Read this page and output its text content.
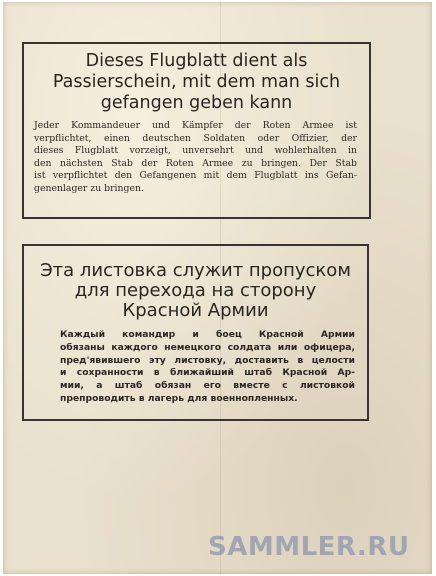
Dieses Flugblatt dient als
Passierschein, mit dem man sich
gefangen geben kann
Jeder Kommandeuer und Kämpfer der Roten Armee ist
verpflichtet, einen deutschen Soldaten oder Offizier, der
dieses Flugblatt vorzeigt, unversehrt und wohlerhalten in
den nächsten Stab der Roten Armee zu bringen. Der Stab
ist verpflichtet den Gefangenen mit dem Flugblatt ins Gefan-
genenlager zu bringen.
Эта листовка служит пропуском
для перехода на сторону
Красной Армии
Каждый командир и боец Красной Армии
обязаны каждого немецкого солдата или офицера,
пред'явившего эту листовку, доставить в целости
и сохранности в ближайший штаб Красной Ар-
мии, а штаб обязан его вместе с листовкой
препроводить в лагерь для военнопленных.
SAMMLER.RU
